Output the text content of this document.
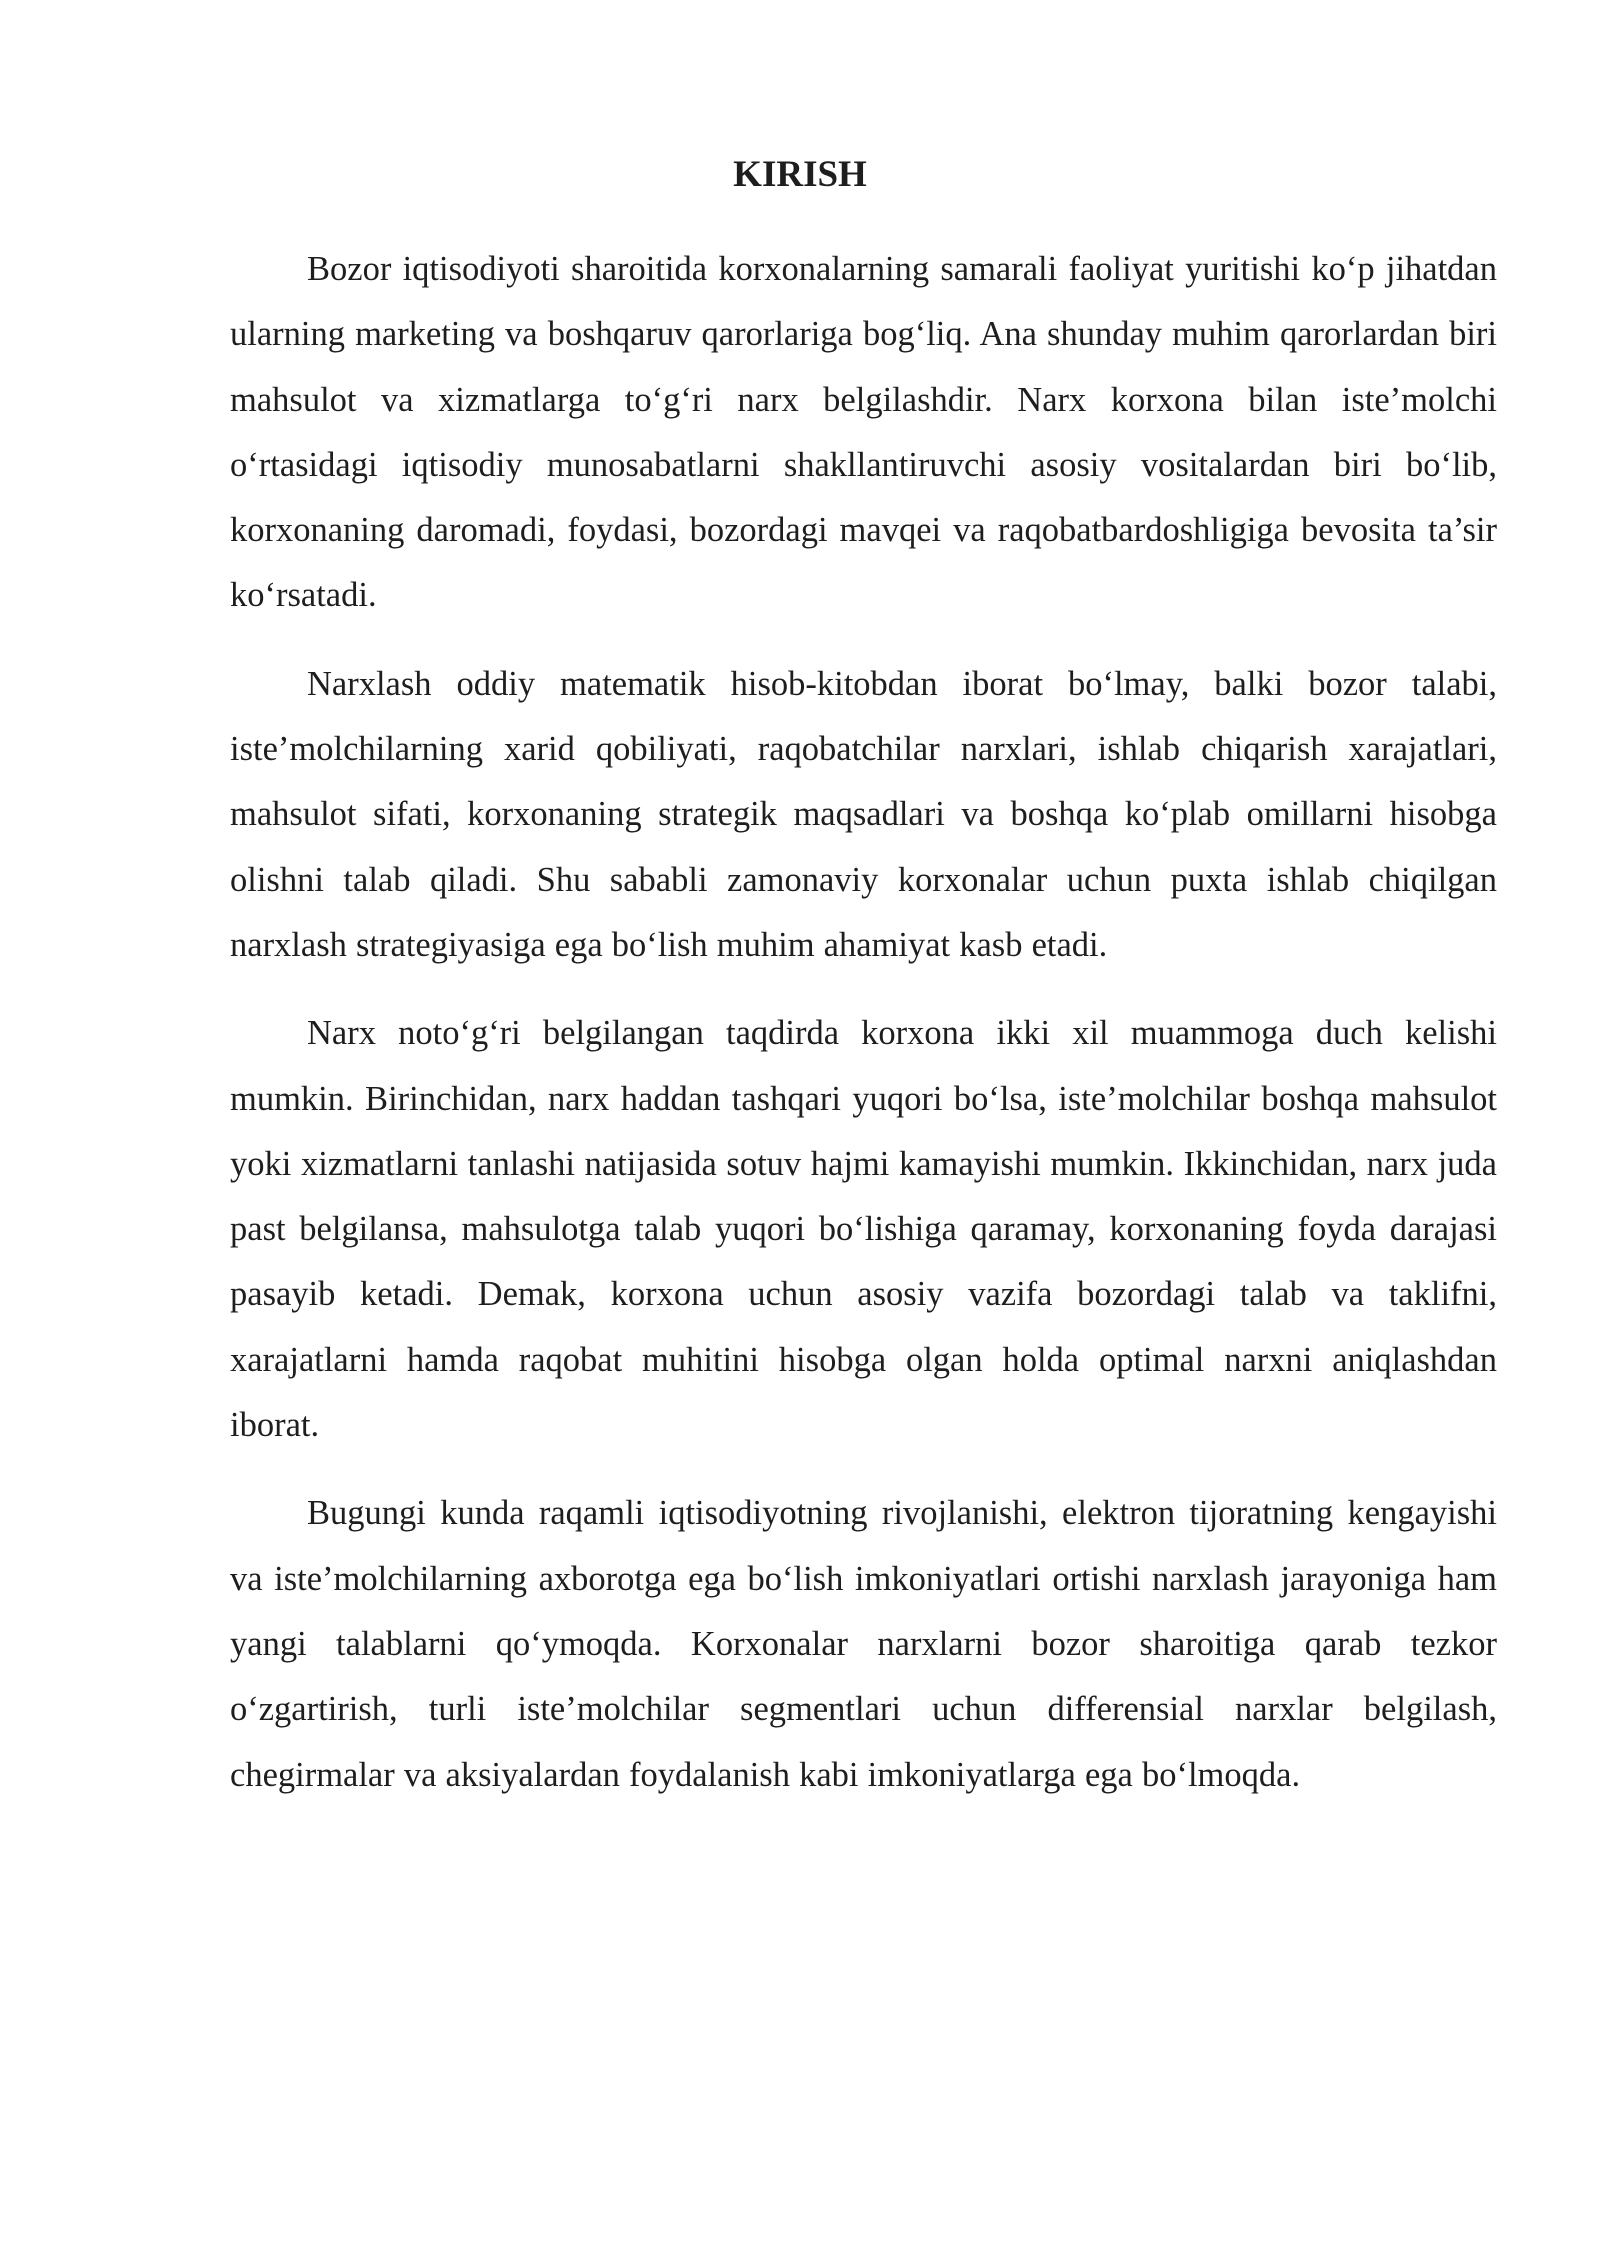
KIRISH

Bozor iqtisodiyoti sharoitida korxonalarning samarali faoliyat yuritishi ko‘p jihatdan ularning marketing va boshqaruv qarorlariga bog‘liq. Ana shunday muhim qarorlardan biri mahsulot va xizmatlarga to‘g‘ri narx belgilashdir. Narx korxona bilan iste’molchi o‘rtasidagi iqtisodiy munosabatlarni shakllantiruvchi asosiy vositalardan biri bo‘lib, korxonaning daromadi, foydasi, bozordagi mavqei va raqobatbardoshligiga bevosita ta’sir ko‘rsatadi.

Narxlash oddiy matematik hisob-kitobdan iborat bo‘lmay, balki bozor talabi, iste’molchilarning xarid qobiliyati, raqobatchilar narxlari, ishlab chiqarish xarajatlari, mahsulot sifati, korxonaning strategik maqsadlari va boshqa ko‘plab omillarni hisobga olishni talab qiladi. Shu sababli zamonaviy korxonalar uchun puxta ishlab chiqilgan narxlash strategiyasiga ega bo‘lish muhim ahamiyat kasb etadi.

Narx noto‘g‘ri belgilangan taqdirda korxona ikki xil muammoga duch kelishi mumkin. Birinchidan, narx haddan tashqari yuqori bo‘lsa, iste’molchilar boshqa mahsulot yoki xizmatlarni tanlashi natijasida sotuv hajmi kamayishi mumkin. Ikkinchidan, narx juda past belgilansa, mahsulotga talab yuqori bo‘lishiga qaramay, korxonaning foyda darajasi pasayib ketadi. Demak, korxona uchun asosiy vazifa bozordagi talab va taklifni, xarajatlarni hamda raqobat muhitini hisobga olgan holda optimal narxni aniqlashdan iborat.

Bugungi kunda raqamli iqtisodiyotning rivojlanishi, elektron tijoratning kengayishi va iste’molchilarning axborotga ega bo‘lish imkoniyatlari ortishi narxlash jarayoniga ham yangi talablarni qo‘ymoqda. Korxonalar narxlarni bozor sharoitiga qarab tezkor o‘zgartirish, turli iste’molchilar segmentlari uchun differensial narxlar belgilash, chegirmalar va aksiyalardan foydalanish kabi imkoniyatlarga ega bo‘lmoqda.
